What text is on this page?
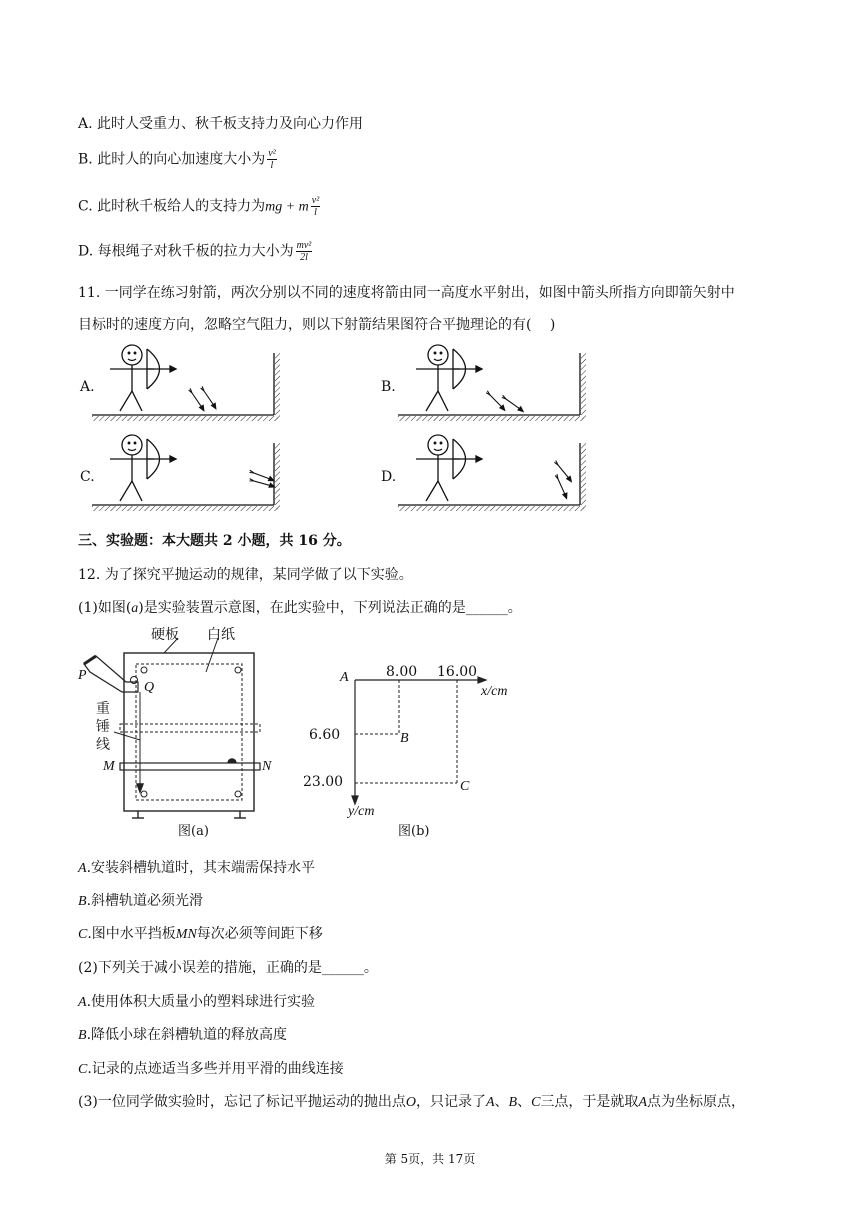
A. 此时人受重力、秋千板支持力及向心力作用
B. 此时人的向心加速度大小为 $\frac{\text{v²}}{l}$
C. 此时秋千板给人的支持力为mg + m $\frac{\text{v²}}{l}$
D. 每根绳子对秋千板的拉力大小为 $\frac{\text{mv²}}{2l}$
11. 一同学在练习射箭，两次分别以不同的速度将箭由同一高度水平射出，如图中箭头所指方向即箭矢射中
目标时的速度方向，忽略空气阻力，则以下射箭结果图符合平抛理论的有(　 )
A.	B.
C.	D.
三、实验题：本大题共 2 小题，共 16 分。
12. 为了探究平抛运动的规律，某同学做了以下实验。
(1)如图(a)是实验装置示意图，在此实验中，下列说法正确的是______。
硬板 白纸
P
Q
重
锤
线
M	N
图(a)
A	8.00 16.00
x/cm
6.60	B
23.00	C
y/cm
图(b)
A.安装斜槽轨道时，其末端需保持水平
B.斜槽轨道必须光滑
C.图中水平挡板MN每次必须等间距下移
(2)下列关于减小误差的措施，正确的是______。
A.使用体积大质量小的塑料球进行实验
B.降低小球在斜槽轨道的释放高度
C.记录的点迹适当多些并用平滑的曲线连接
(3)一位同学做实验时，忘记了标记平抛运动的抛出点O，只记录了A、B、C三点，于是就取A点为坐标原点，
第 5页，共 17页
